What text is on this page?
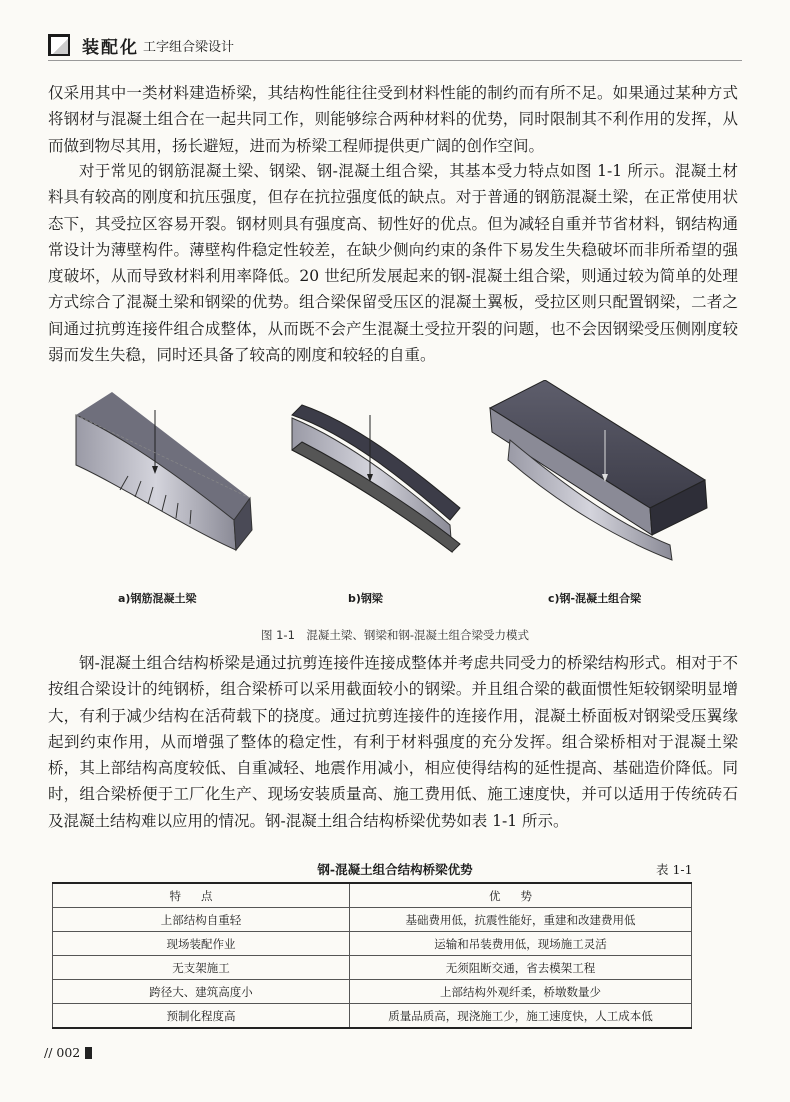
装配化 工字组合梁设计

仅采用其中一类材料建造桥梁，其结构性能往往受到材料性能的制约而有所不足。如果通过某种方式将钢材与混凝土组合在一起共同工作，则能够综合两种材料的优势，同时限制其不利作用的发挥，从而做到物尽其用，扬长避短，进而为桥梁工程师提供更广阔的创作空间。

对于常见的钢筋混凝土梁、钢梁、钢-混凝土组合梁，其基本受力特点如图 1-1 所示。混凝土材料具有较高的刚度和抗压强度，但存在抗拉强度低的缺点。对于普通的钢筋混凝土梁，在正常使用状态下，其受拉区容易开裂。钢材则具有强度高、韧性好的优点。但为减轻自重并节省材料，钢结构通常设计为薄壁构件。薄壁构件稳定性较差，在缺少侧向约束的条件下易发生失稳破坏而非所希望的强度破坏，从而导致材料利用率降低。20 世纪所发展起来的钢-混凝土组合梁，则通过较为简单的处理方式综合了混凝土梁和钢梁的优势。组合梁保留受压区的混凝土翼板，受拉区则只配置钢梁，二者之间通过抗剪连接件组合成整体，从而既不会产生混凝土受拉开裂的问题，也不会因钢梁受压侧刚度较弱而发生失稳，同时还具备了较高的刚度和较轻的自重。

a)钢筋混凝土梁	b)钢梁	c)钢-混凝土组合梁
图 1-1　混凝土梁、钢梁和钢-混凝土组合梁受力模式

钢-混凝土组合结构桥梁是通过抗剪连接件连接成整体并考虑共同受力的桥梁结构形式。相对于不按组合梁设计的纯钢桥，组合梁桥可以采用截面较小的钢梁。并且组合梁的截面惯性矩较钢梁明显增大，有利于减少结构在活荷载下的挠度。通过抗剪连接件的连接作用，混凝土桥面板对钢梁受压翼缘起到约束作用，从而增强了整体的稳定性，有利于材料强度的充分发挥。组合梁桥相对于混凝土梁桥，其上部结构高度较低、自重减轻、地震作用减小，相应使得结构的延性提高、基础造价降低。同时，组合梁桥便于工厂化生产、现场安装质量高、施工费用低、施工速度快，并可以适用于传统砖石及混凝土结构难以应用的情况。钢-混凝土组合结构桥梁优势如表 1-1 所示。

钢-混凝土组合结构桥梁优势	表 1-1
特点	优势
上部结构自重轻	基础费用低，抗震性能好，重建和改建费用低
现场装配作业	运输和吊装费用低，现场施工灵活
无支架施工	无须阻断交通，省去模架工程
跨径大、建筑高度小	上部结构外观纤柔，桥墩数量少
预制化程度高	质量品质高，现浇施工少，施工速度快，人工成本低
// 002
